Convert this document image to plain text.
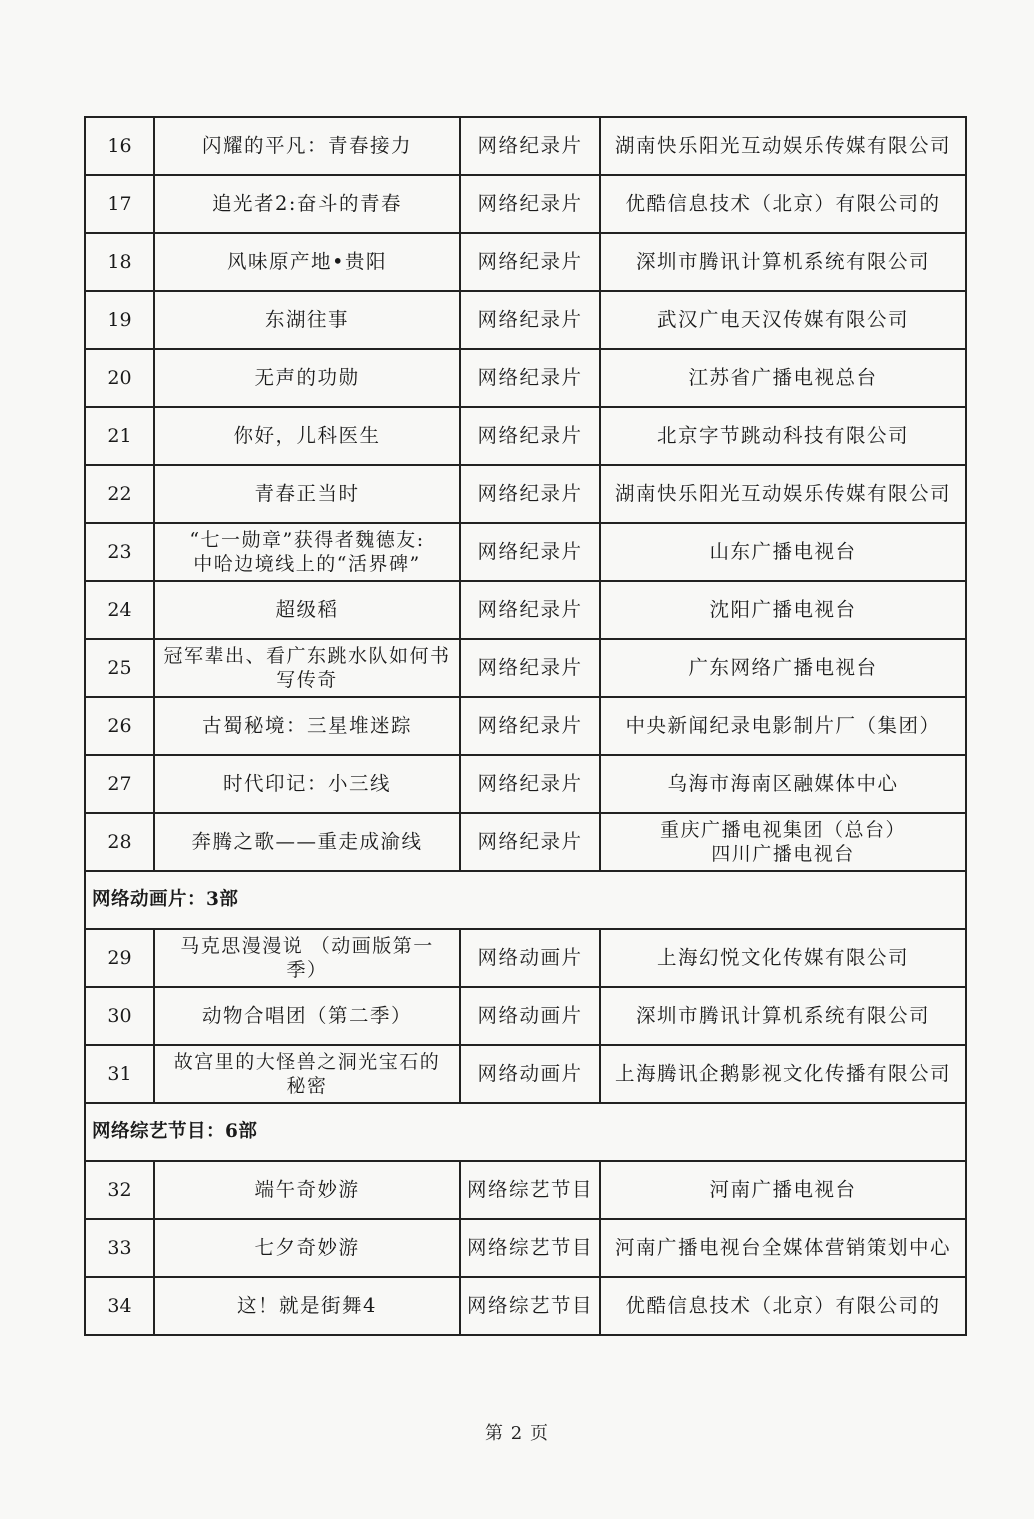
16	闪耀的平凡：青春接力	网络纪录片	湖南快乐阳光互动娱乐传媒有限公司
17	追光者2:奋斗的青春	网络纪录片	优酷信息技术（北京）有限公司的
18	风味原产地•贵阳	网络纪录片	深圳市腾讯计算机系统有限公司
19	东湖往事	网络纪录片	武汉广电天汉传媒有限公司
20	无声的功勋	网络纪录片	江苏省广播电视总台
21	你好，儿科医生	网络纪录片	北京字节跳动科技有限公司
22	青春正当时	网络纪录片	湖南快乐阳光互动娱乐传媒有限公司
23	“七一勋章”获得者魏德友:
中哈边境线上的“活界碑”	网络纪录片	山东广播电视台
24	超级稻	网络纪录片	沈阳广播电视台
25	冠军辈出、看广东跳水队如何书
写传奇	网络纪录片	广东网络广播电视台
26	古蜀秘境：三星堆迷踪	网络纪录片	中央新闻纪录电影制片厂（集团）
27	时代印记：小三线	网络纪录片	乌海市海南区融媒体中心
28	奔腾之歌——重走成渝线	网络纪录片	重庆广播电视集团（总台）
四川广播电视台

网络动画片：3部			
29	马克思漫漫说 （动画版第一
季）	网络动画片	上海幻悦文化传媒有限公司
30	动物合唱团（第二季）	网络动画片	深圳市腾讯计算机系统有限公司
31	故宫里的大怪兽之洞光宝石的
秘密	网络动画片	上海腾讯企鹅影视文化传播有限公司
网络综艺节目：6部			
32	端午奇妙游	网络综艺节目	河南广播电视台
33	七夕奇妙游	网络综艺节目	河南广播电视台全媒体营销策划中心
34	这！就是街舞4	网络综艺节目	优酷信息技术（北京）有限公司的
第 2 页
